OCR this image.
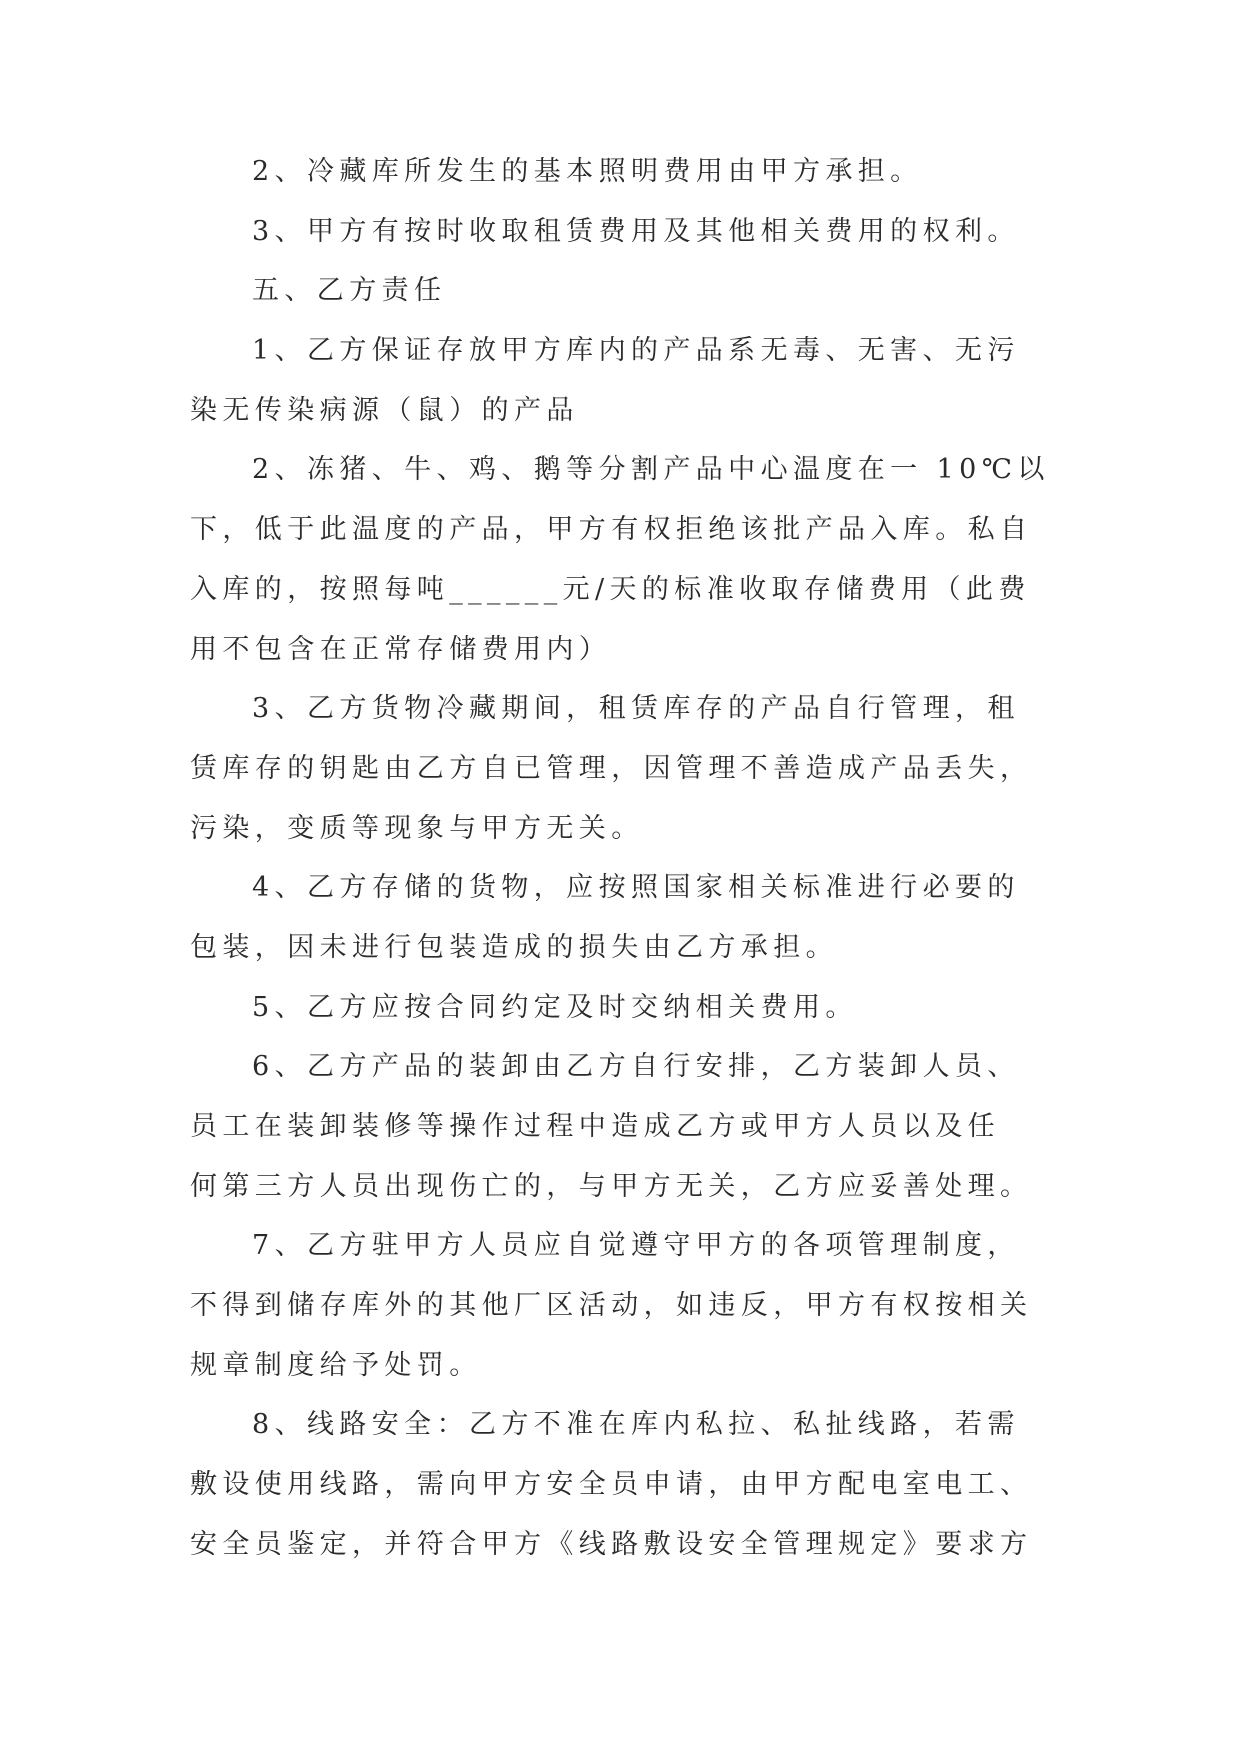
2、冷藏库所发生的基本照明费用由甲方承担。
3、甲方有按时收取租赁费用及其他相关费用的权利。
五、乙方责任
1、乙方保证存放甲方库内的产品系无毒、无害、无污
染无传染病源（鼠）的产品
2、冻猪、牛、鸡、鹅等分割产品中心温度在一 10℃以
下，低于此温度的产品，甲方有权拒绝该批产品入库。私自
入库的，按照每吨______元/天的标准收取存储费用（此费
用不包含在正常存储费用内）
3、乙方货物冷藏期间，租赁库存的产品自行管理，租
赁库存的钥匙由乙方自已管理，因管理不善造成产品丢失，
污染，变质等现象与甲方无关。
4、乙方存储的货物，应按照国家相关标准进行必要的
包装，因未进行包装造成的损失由乙方承担。
5、乙方应按合同约定及时交纳相关费用。
6、乙方产品的装卸由乙方自行安排，乙方装卸人员、
员工在装卸装修等操作过程中造成乙方或甲方人员以及任
何第三方人员出现伤亡的，与甲方无关，乙方应妥善处理。
7、乙方驻甲方人员应自觉遵守甲方的各项管理制度，
不得到储存库外的其他厂区活动，如违反，甲方有权按相关
规章制度给予处罚。
8、线路安全：乙方不准在库内私拉、私扯线路，若需
敷设使用线路，需向甲方安全员申请，由甲方配电室电工、
安全员鉴定，并符合甲方《线路敷设安全管理规定》要求方
